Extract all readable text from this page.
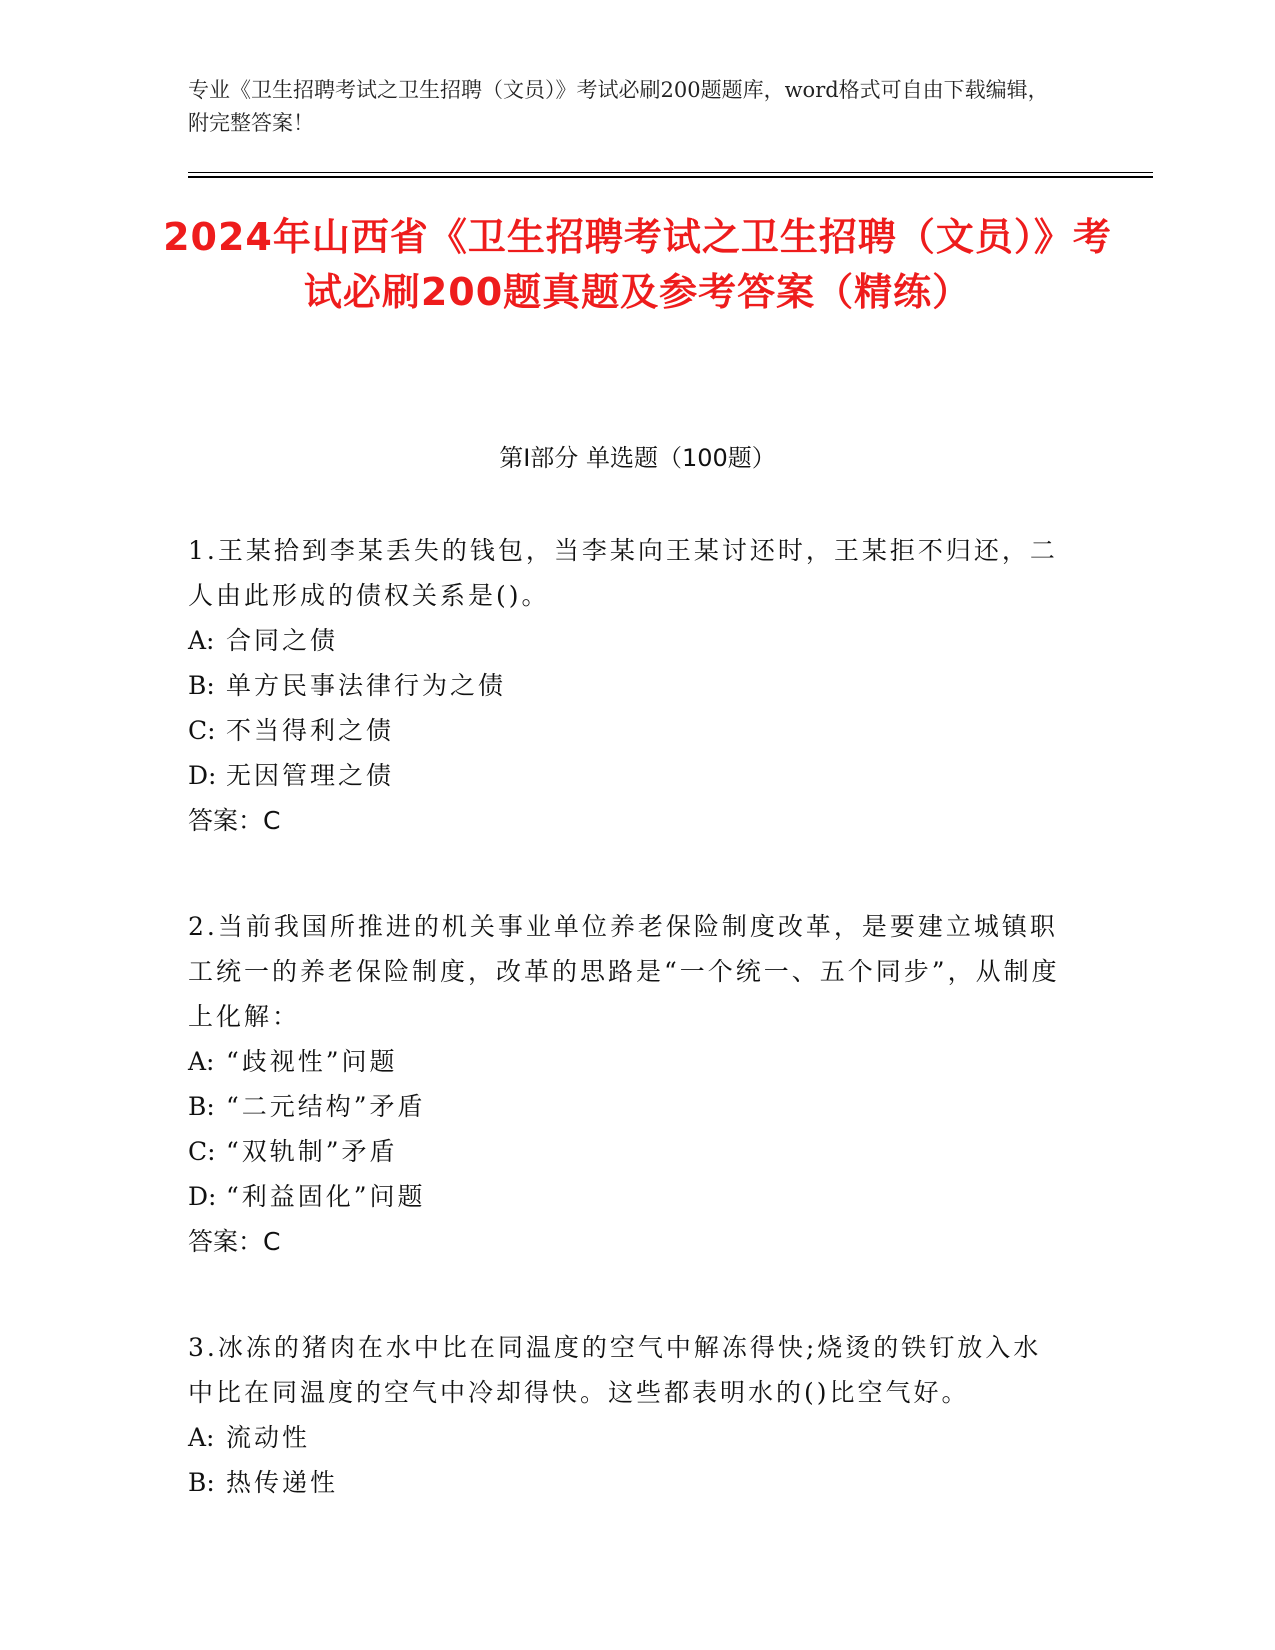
专业《卫生招聘考试之卫生招聘（文员）》考试必刷200题题库，word格式可自由下载编辑，附完整答案！
2024年山西省《卫生招聘考试之卫生招聘（文员）》考试必刷200题真题及参考答案（精练）
第I部分 单选题（100题）
1.王某拾到李某丢失的钱包，当李某向王某讨还时，王某拒不归还，二人由此形成的债权关系是()。
A: 合同之债
B: 单方民事法律行为之债
C: 不当得利之债
D: 无因管理之债
答案：C
2.当前我国所推进的机关事业单位养老保险制度改革，是要建立城镇职工统一的养老保险制度，改革的思路是“一个统一、五个同步”，从制度上化解：
A: “歧视性”问题
B: “二元结构”矛盾
C: “双轨制”矛盾
D: “利益固化”问题
答案：C
3.冰冻的猪肉在水中比在同温度的空气中解冻得快;烧烫的铁钉放入水中比在同温度的空气中冷却得快。这些都表明水的()比空气好。
A: 流动性
B: 热传递性
